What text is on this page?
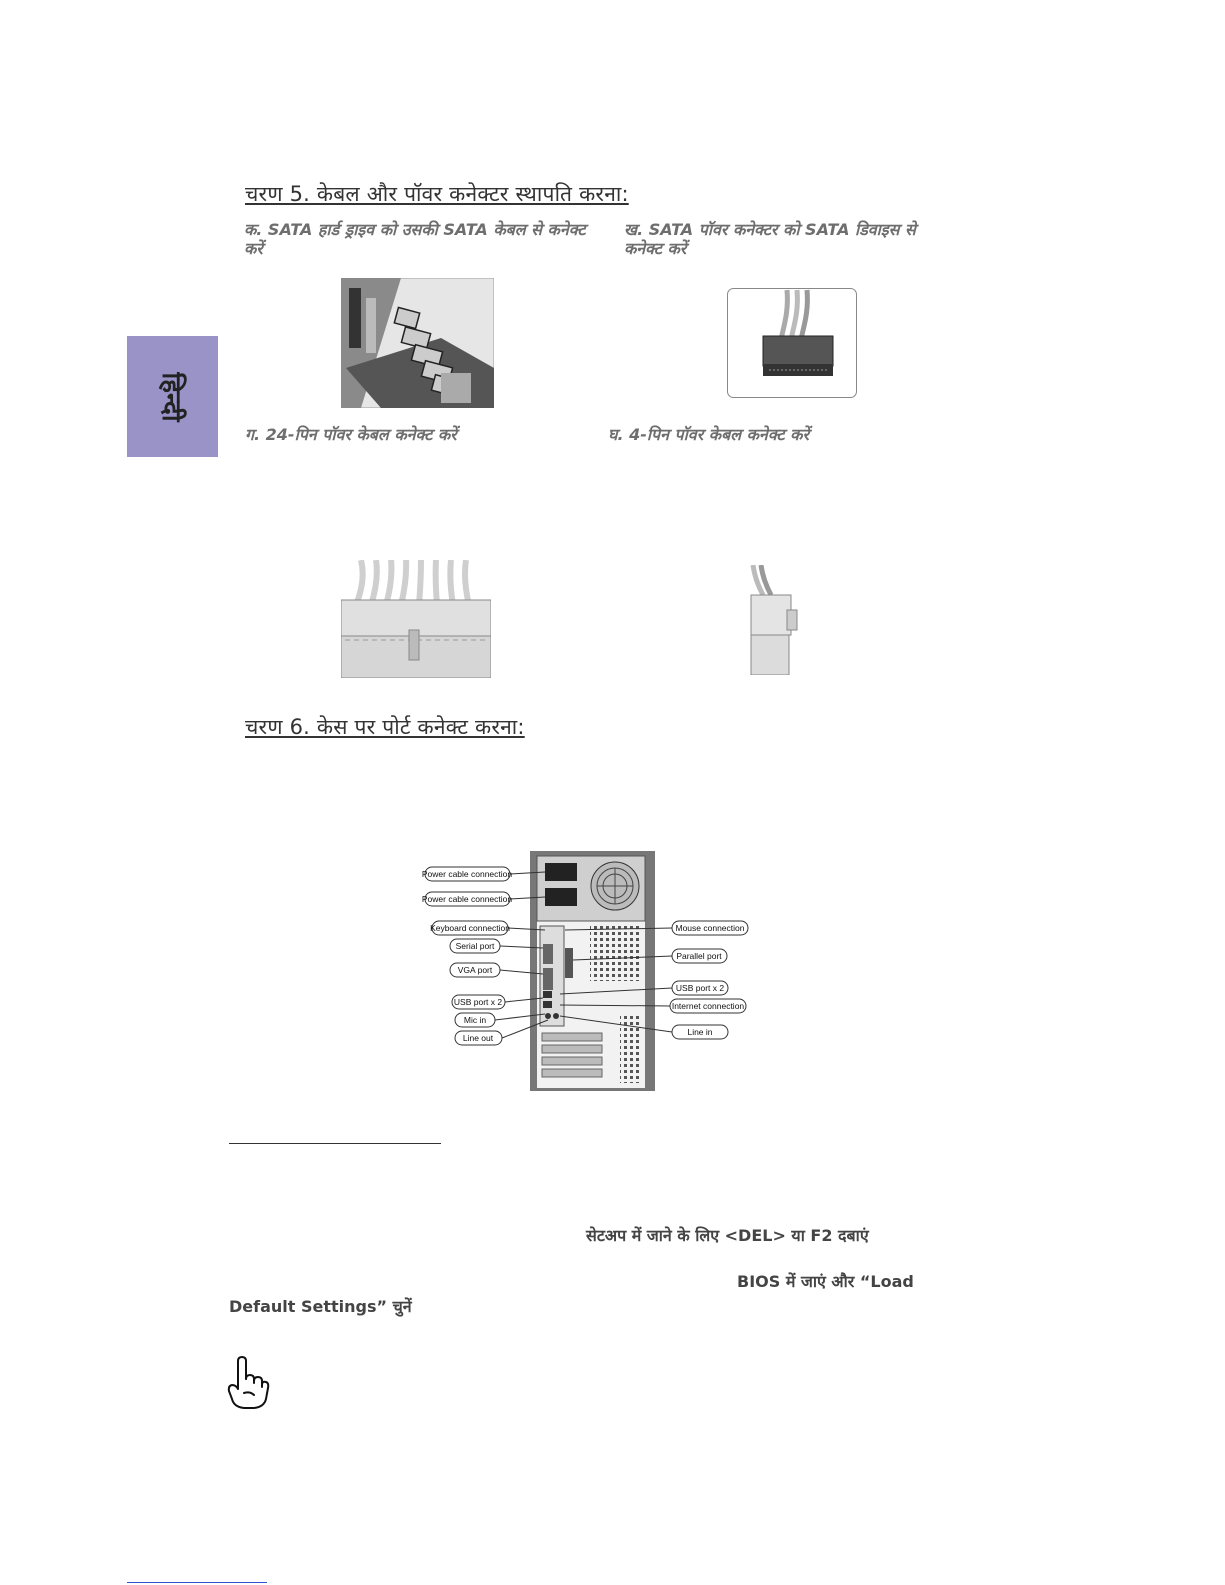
हिन्दी
चरण 5. केबल और पॉवर कनेक्टर स्थापति करना:
क. SATA हार्ड ड्राइव को उसकी SATA केबल से कनेक्ट करें
ख. SATA पॉवर कनेक्टर को SATA डिवाइस से कनेक्ट करें
ग. 24-पिन पॉवर केबल कनेक्ट करें	घ. 4-पिन पॉवर केबल कनेक्ट करें
चरण 6. केस पर पोर्ट कनेक्ट करना:
Power cable connection
Power cable connection
Keyboard connection
Serial port
VGA port
USB port x 2
Mic in
Line out
Mouse connection
Parallel port
USB port x 2
Internet connection
Line in
सेटअप में जाने के लिए <DEL> या F2 दबाएं
BIOS में जाएं और “Load
Default Settings” चुनें
